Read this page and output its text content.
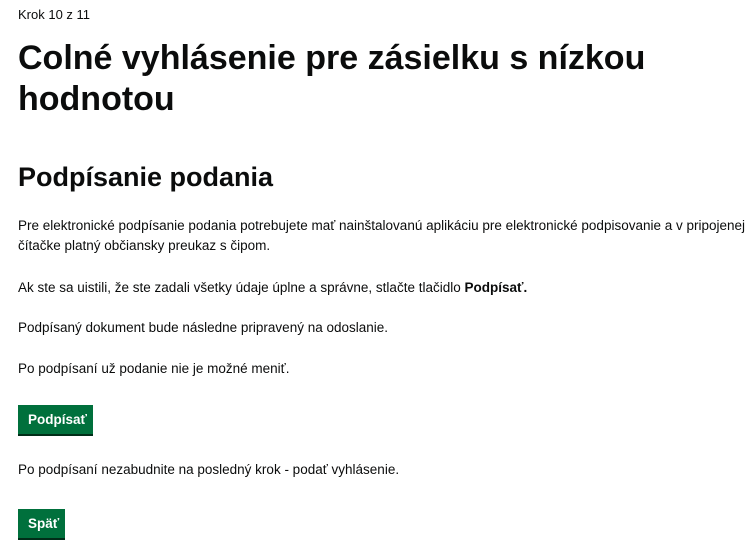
Krok 10 z 11
Colné vyhlásenie pre zásielku s nízkou hodnotou
Podpísanie podania

Pre elektronické podpísanie podania potrebujete mať nainštalovanú aplikáciu pre elektronické podpisovanie a v pripojenej čítačke platný občiansky preukaz s čipom.

Ak ste sa uistili, že ste zadali všetky údaje úplne a správne, stlačte tlačidlo Podpísať.

Podpísaný dokument bude následne pripravený na odoslanie.

Po podpísaní už podanie nie je možné meniť.

Podpísať

Po podpísaní nezabudnite na posledný krok - podať vyhlásenie.

Späť
